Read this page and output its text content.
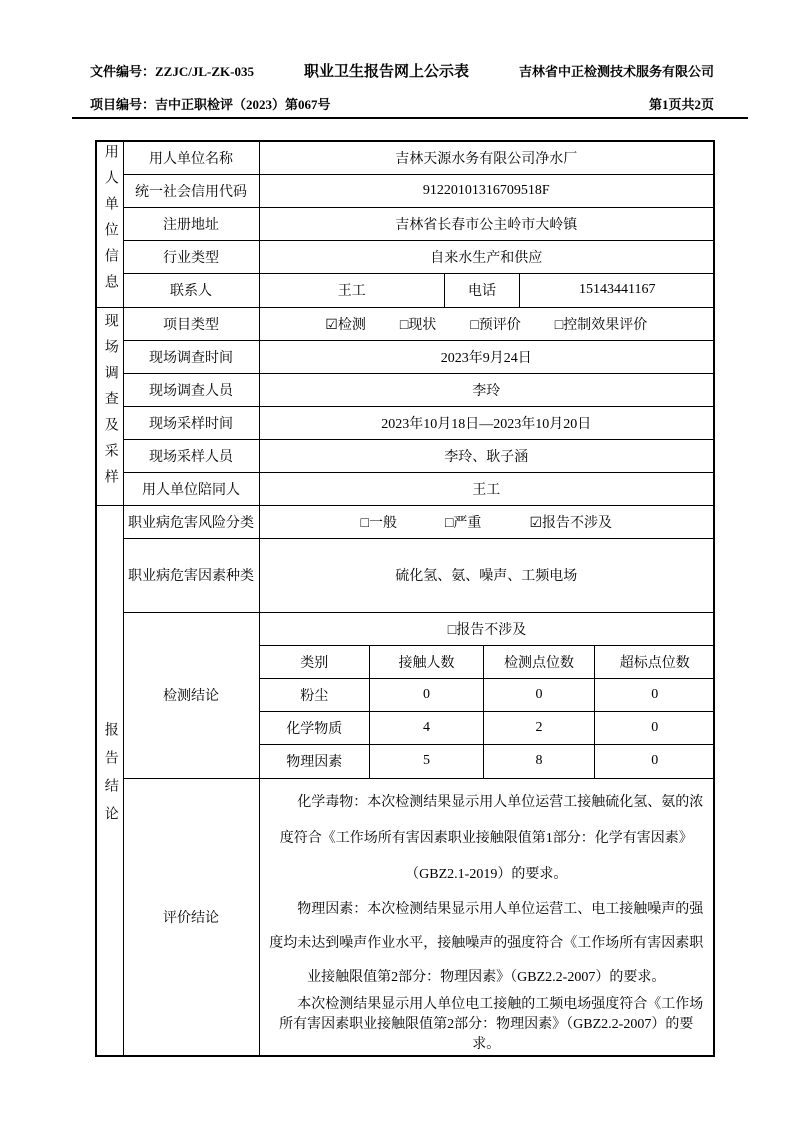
文件编号：ZZJC/JL-ZK-035	职业卫生报告网上公示表	吉林省中正检测技术服务有限公司
项目编号：吉中正职检评（2023）第067号	第1页共2页
用人单位信息	用人单位名称	吉林天源水务有限公司净水厂
统一社会信用代码	91220101316709518F
注册地址	吉林省长春市公主岭市大岭镇
行业类型	自来水生产和供应
联系人		王工	电话	15143441167

现场调查及采样	项目类型	☑检测 □现状 □预评价 □控制效果评价

现场调查时间	2023年9月24日
现场调查人员	李玲
现场采样时间	2023年10月18日—2023年10月20日
现场采样人员	李玲、耿子涵
用人单位陪同人	王工
报告结论	职业病危害风险分类	□一般	□严重	☑报告不涉及

职业病危害因素种类	硫化氢、氨、噪声、工频电场
检测结论	
□报告不涉及
类别	接触人数	检测点位数	超标点位数
粉尘	0	0	0
化学物质	4	2	0
物理因素	5	8	0

评价结论	

化学毒物：本次检测结果显示用人单位运营工接触硫化氢、氨的浓度符合《工作场所有害因素职业接触限值第1部分：化学有害因素》（GBZ2.1-2019）的要求。

物理因素：本次检测结果显示用人单位运营工、电工接触噪声的强度均未达到噪声作业水平，接触噪声的强度符合《工作场所有害因素职业接触限值第2部分：物理因素》（GBZ2.2-2007）的要求。

本次检测结果显示用人单位电工接触的工频电场强度符合《工作场所有害因素职业接触限值第2部分：物理因素》（GBZ2.2-2007）的要求。
